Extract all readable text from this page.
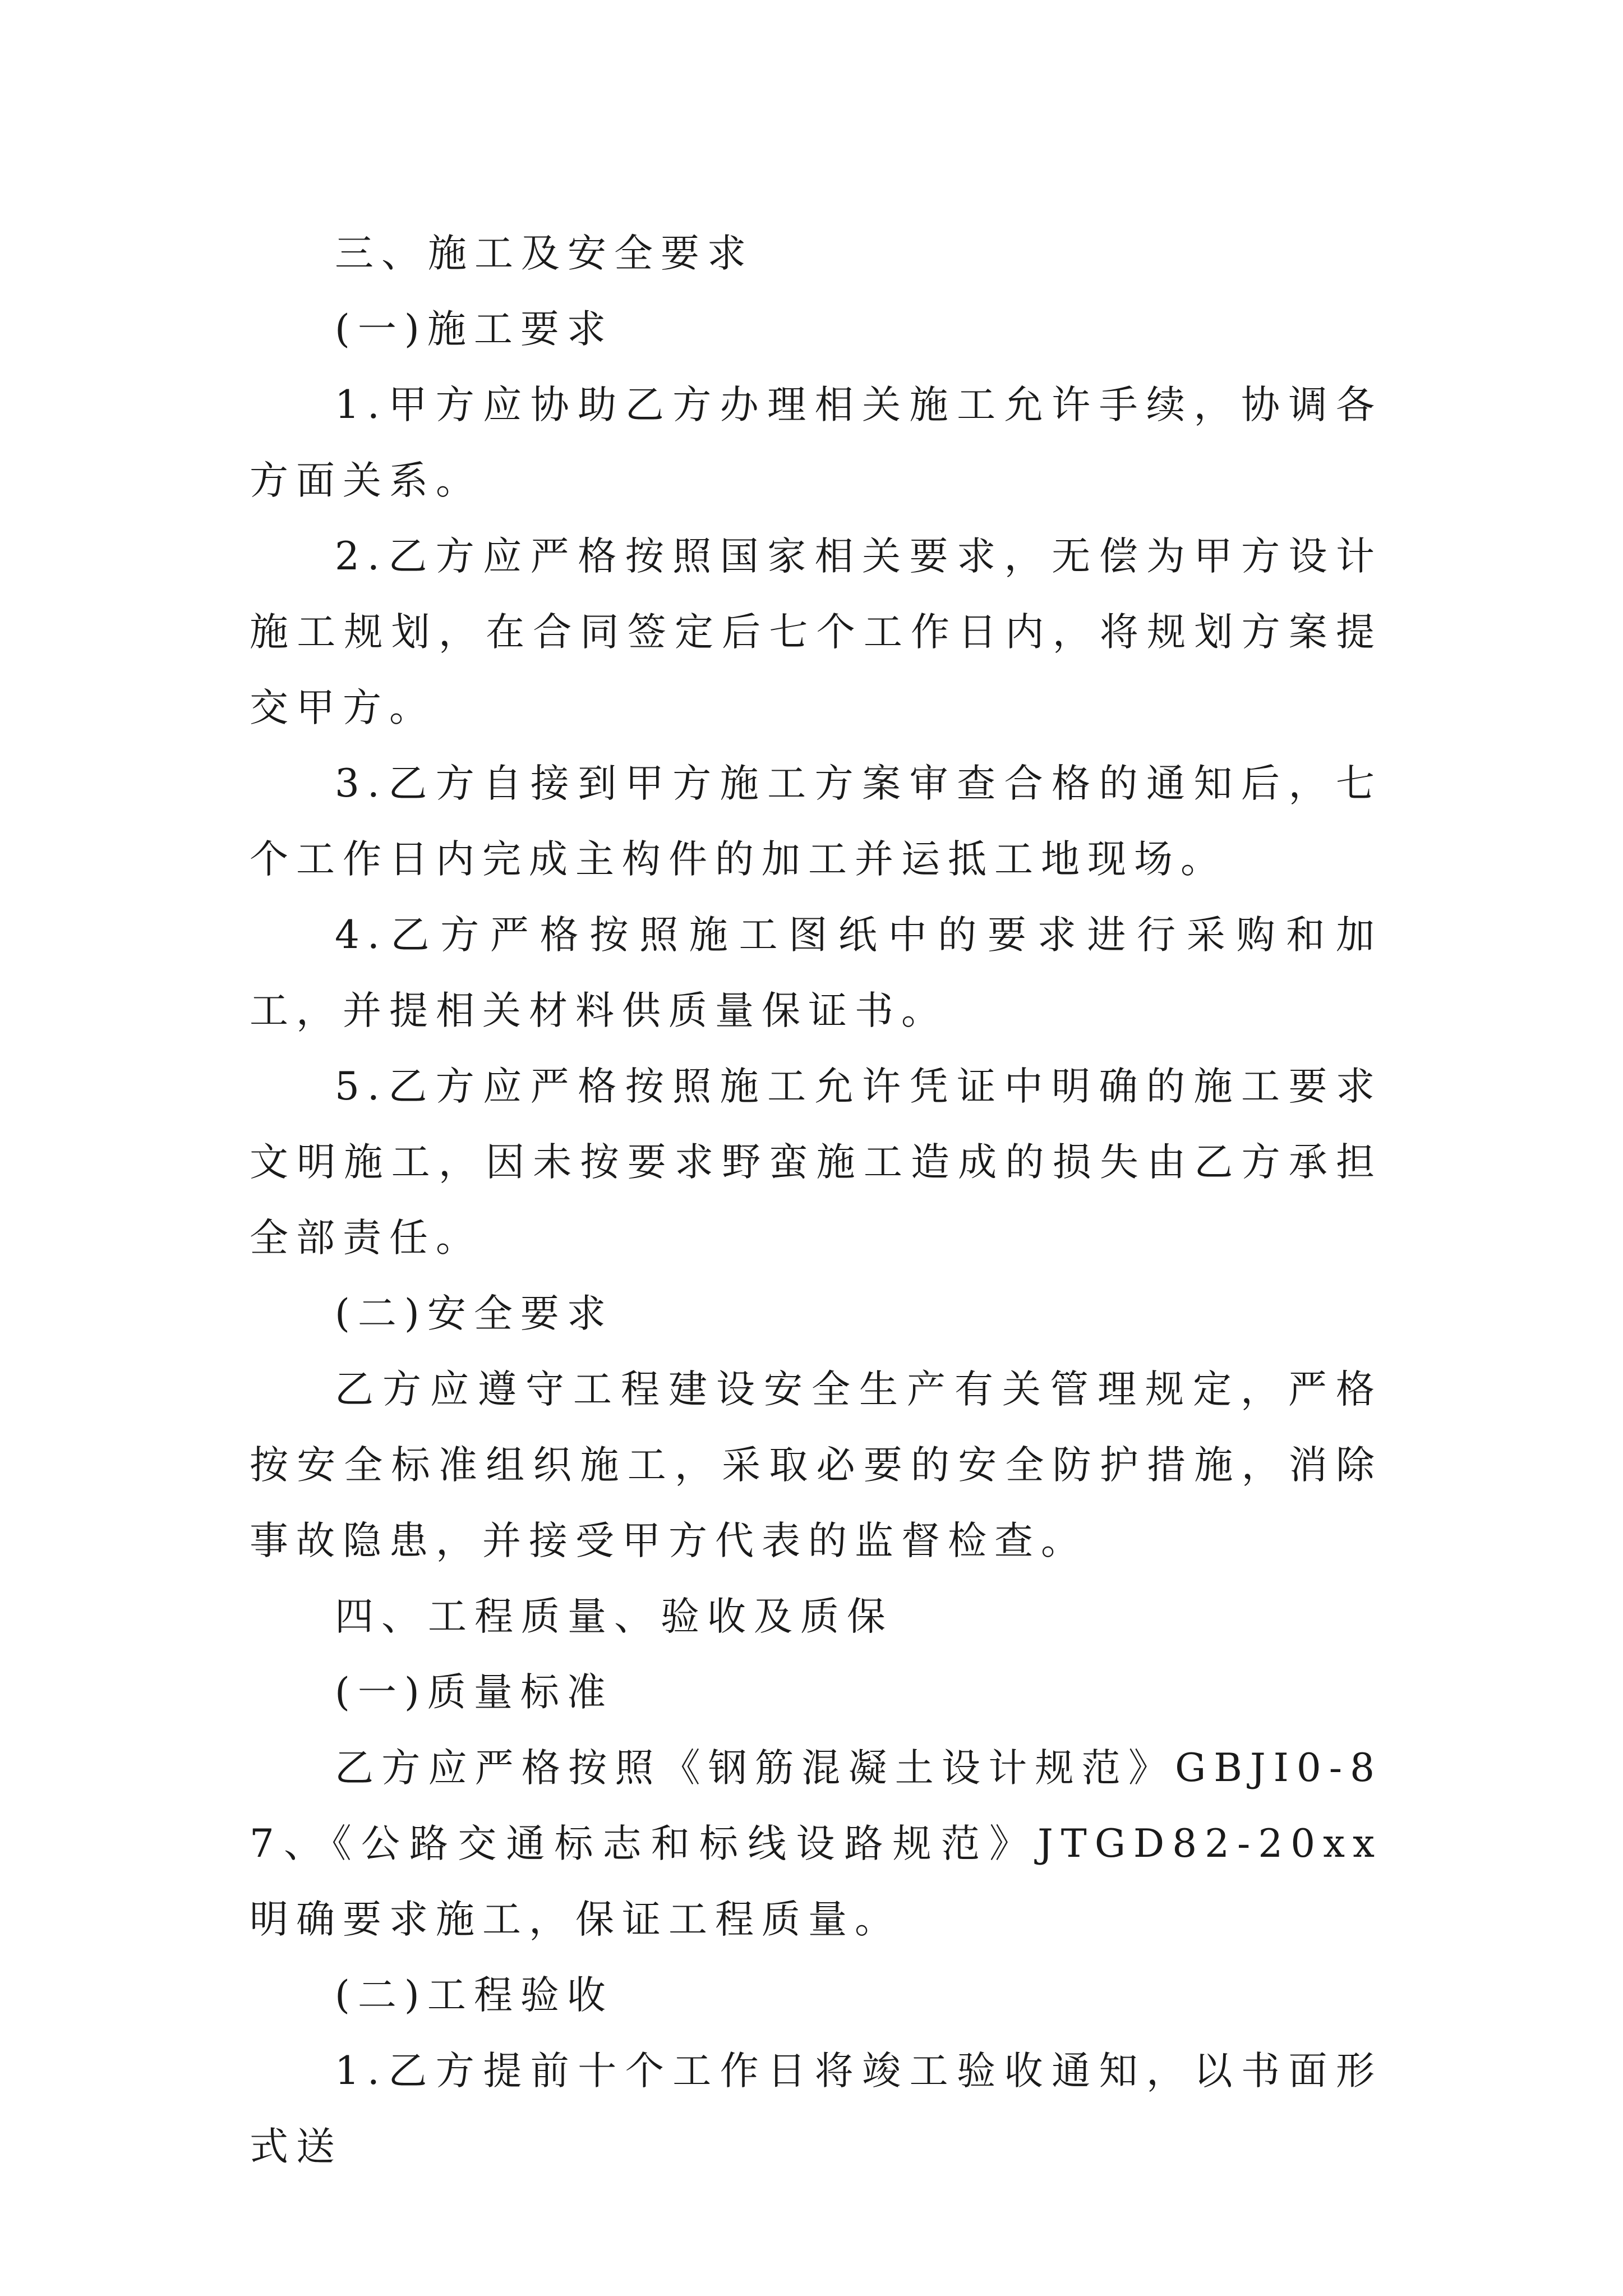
三、施工及安全要求

(一)施工要求

1.甲方应协助乙方办理相关施工允许手续，协调各方面关系。

2.乙方应严格按照国家相关要求，无偿为甲方设计施工规划，在合同签定后七个工作日内，将规划方案提交甲方。

3.乙方自接到甲方施工方案审查合格的通知后，七个工作日内完成主构件的加工并运抵工地现场。

4.乙方严格按照施工图纸中的要求进行采购和加工，并提相关材料供质量保证书。

5.乙方应严格按照施工允许凭证中明确的施工要求文明施工，因未按要求野蛮施工造成的损失由乙方承担全部责任。

(二)安全要求

乙方应遵守工程建设安全生产有关管理规定，严格按安全标准组织施工，采取必要的安全防护措施，消除事故隐患，并接受甲方代表的监督检查。

四、工程质量、验收及质保

(一)质量标准

乙方应严格按照《钢筋混凝土设计规范》GBJI0-87、《公路交通标志和标线设路规范》JTGD82-20xx明确要求施工，保证工程质量。

(二)工程验收

1.乙方提前十个工作日将竣工验收通知，以书面形式送
